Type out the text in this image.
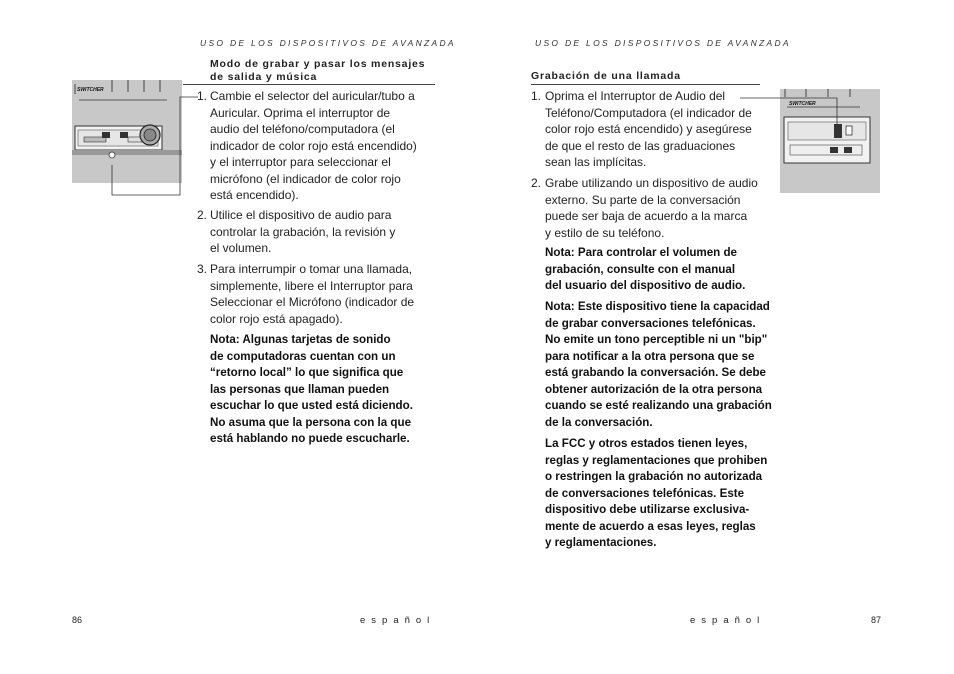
USO DE LOS DISPOSITIVOS DE AVANZADA
Modo de grabar y pasar los mensajes
de salida y música
SWITCHER	1. Cambie el selector del auricular/tubo a
Auricular. Oprima el interruptor de
audio del teléfono/computadora (el
indicador de color rojo está encendido)
y el interruptor para seleccionar el
micrófono (el indicador de color rojo
está encendido).
2. Utilice el dispositivo de audio para
controlar la grabación, la revisión y
el volumen.
3. Para interrumpir o tomar una llamada,
simplemente, libere el Interruptor para
Seleccionar el Micrófono (indicador de
color rojo está apagado).
Nota: Algunas tarjetas de sonido
de computadoras cuentan con un
“retorno local” lo que significa que
las personas que llaman pueden
escuchar lo que usted está diciendo.
No asuma que la persona con la que
está hablando no puede escucharle.
86	español
USO DE LOS DISPOSITIVOS DE AVANZADA
Grabación de una llamada
SWITCHER
1. Oprima el Interruptor de Audio del
Teléfono/Computadora (el indicador de
color rojo está encendido) y asegúrese
de que el resto de las graduaciones
sean las implícitas.
2. Grabe utilizando un dispositivo de audio
externo. Su parte de la conversación
puede ser baja de acuerdo a la marca
y estilo de su teléfono.
Nota: Para controlar el volumen de
grabación, consulte con el manual
del usuario del dispositivo de audio.
Nota: Este dispositivo tiene la capacidad
de grabar conversaciones telefónicas.
No emite un tono perceptible ni un "bip"
para notificar a la otra persona que se
está grabando la conversación. Se debe
obtener autorización de la otra persona
cuando se esté realizando una grabación
de la conversación.
La FCC y otros estados tienen leyes,
reglas y reglamentaciones que prohiben
o restringen la grabación no autorizada
de conversaciones telefónicas. Este
dispositivo debe utilizarse exclusiva-
mente de acuerdo a esas leyes, reglas
y reglamentaciones.
español	87
